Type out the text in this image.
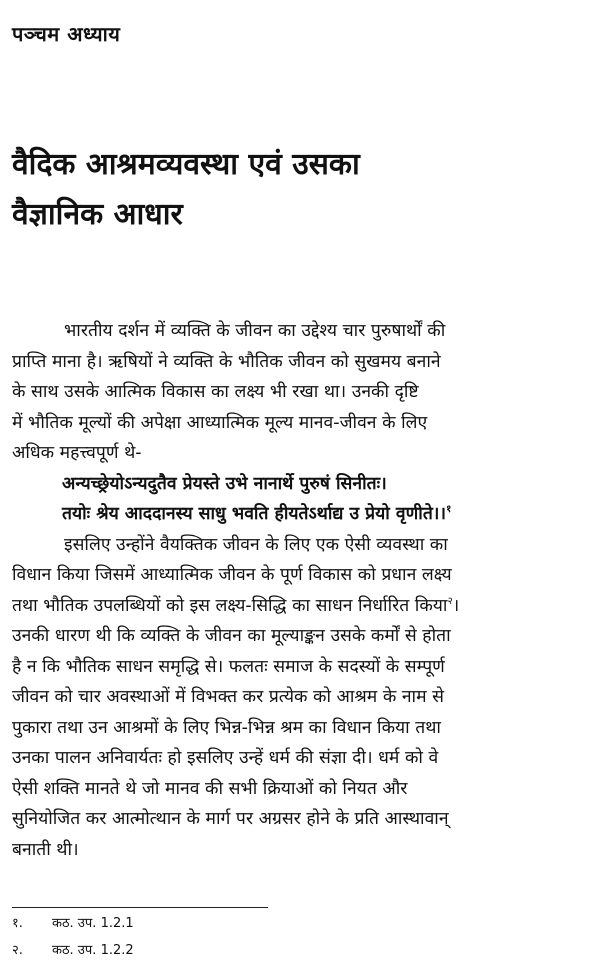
पञ्चम अध्याय
वैदिक आश्रमव्यवस्था एवं उसका
वैज्ञानिक आधार

भारतीय दर्शन में व्यक्ति के जीवन का उद्देश्य चार पुरुषार्थों की
प्राप्ति माना है। ऋषियों ने व्यक्ति के भौतिक जीवन को सुखमय बनाने
के साथ उसके आत्मिक विकास का लक्ष्य भी रखा था। उनकी दृष्टि
में भौतिक मूल्यों की अपेक्षा आध्यात्मिक मूल्य मानव-जीवन के लिए
अधिक महत्त्वपूर्ण थे-

अन्यच्छ्रेयोऽन्यदुतैव प्रेयस्ते उभे नानार्थे पुरुषं सिनीतः।
तयोः श्रेय आददानस्य साधु भवति हीयतेऽर्थाद्य उ प्रेयो वृणीते।।$^१$

इसलिए उन्होंने वैयक्तिक जीवन के लिए एक ऐसी व्यवस्था का
विधान किया जिसमें आध्यात्मिक जीवन के पूर्ण विकास को प्रधान लक्ष्य
तथा भौतिक उपलब्धियों को इस लक्ष्य-सिद्धि का साधन निर्धारित किया$^२$।
उनकी धारण थी कि व्यक्ति के जीवन का मूल्याङ्कन उसके कर्मों से होता
है न कि भौतिक साधन समृद्धि से। फलतः समाज के सदस्यों के सम्पूर्ण
जीवन को चार अवस्थाओं में विभक्त कर प्रत्येक को आश्रम के नाम से
पुकारा तथा उन आश्रमों के लिए भिन्न-भिन्न श्रम का विधान किया तथा
उनका पालन अनिवार्यतः हो इसलिए उन्हें धर्म की संज्ञा दी। धर्म को वे
ऐसी शक्ति मानते थे जो मानव की सभी क्रियाओं को नियत और
सुनियोजित कर आत्मोत्थान के मार्ग पर अग्रसर होने के प्रति आस्थावान्
बनाती थी।

१. कठ. उप. 1.2.1
२. कठ. उप. 1.2.2
